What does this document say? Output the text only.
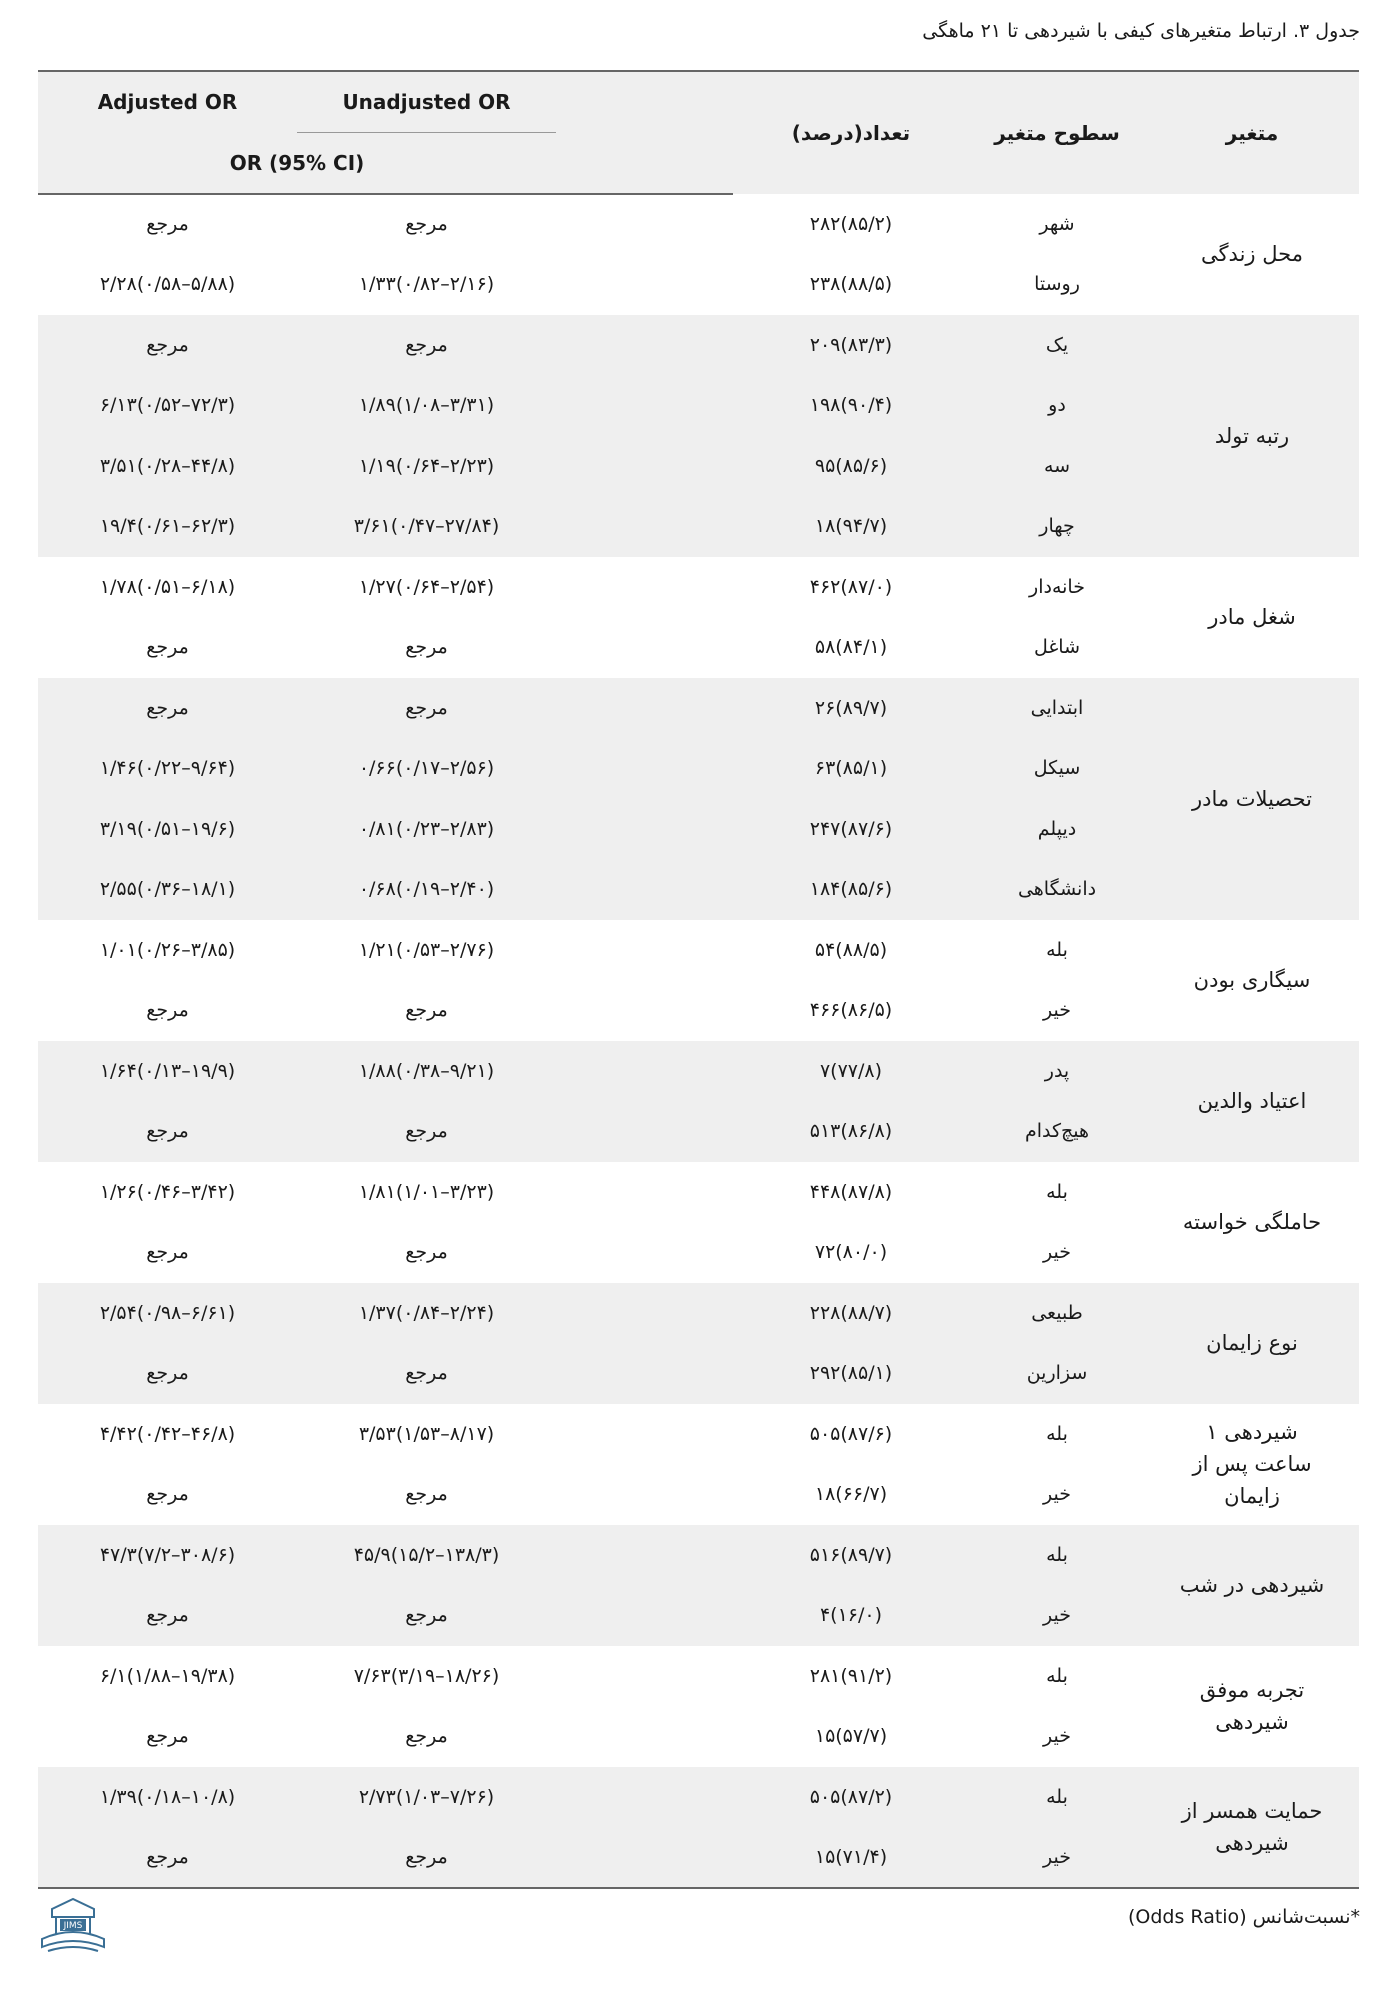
جدول ۳. ارتباط متغیرهای کیفی با شیردهی تا ۲۱ ماهگی
Adjusted OR	Unadjusted OR		تعداد(درصد)	سطوح متغیر	متغیر
OR (95% CI)					
مرجع	مرجع		۲۸۲(۸۵/۲)	شهر	محل زندگی
۲/۲۸(۰/۵۸–۵/۸۸)	۱/۳۳(۰/۸۲–۲/۱۶)		۲۳۸(۸۸/۵)	روستا	
مرجع	مرجع		۲۰۹(۸۳/۳)	یک	رتبه تولد
۶/۱۳(۰/۵۲–۷۲/۳)	۱/۸۹(۱/۰۸–۳/۳۱)		۱۹۸(۹۰/۴)	دو	
۳/۵۱(۰/۲۸–۴۴/۸)	۱/۱۹(۰/۶۴–۲/۲۳)		۹۵(۸۵/۶)	سه	
۱۹/۴(۰/۶۱–۶۲/۳)	۳/۶۱(۰/۴۷–۲۷/۸۴)		۱۸(۹۴/۷)	چهار	
۱/۷۸(۰/۵۱–۶/۱۸)	۱/۲۷(۰/۶۴–۲/۵۴)		۴۶۲(۸۷/۰)	خانه‌دار	شغل مادر
مرجع	مرجع		۵۸(۸۴/۱)	شاغل	
مرجع	مرجع		۲۶(۸۹/۷)	ابتدایی	تحصیلات مادر
۱/۴۶(۰/۲۲–۹/۶۴)	۰/۶۶(۰/۱۷–۲/۵۶)		۶۳(۸۵/۱)	سیکل	
۳/۱۹(۰/۵۱–۱۹/۶)	۰/۸۱(۰/۲۳–۲/۸۳)		۲۴۷(۸۷/۶)	دیپلم	
۲/۵۵(۰/۳۶–۱۸/۱)	۰/۶۸(۰/۱۹–۲/۴۰)		۱۸۴(۸۵/۶)	دانشگاهی	
۱/۰۱(۰/۲۶–۳/۸۵)	۱/۲۱(۰/۵۳–۲/۷۶)		۵۴(۸۸/۵)	بله	سیگاری بودن
مرجع	مرجع		۴۶۶(۸۶/۵)	خیر	
۱/۶۴(۰/۱۳–۱۹/۹)	۱/۸۸(۰/۳۸–۹/۲۱)		۷(۷۷/۸)	پدر	اعتیاد والدین
مرجع	مرجع		۵۱۳(۸۶/۸)	هیچ‌کدام	
۱/۲۶(۰/۴۶–۳/۴۲)	۱/۸۱(۱/۰۱–۳/۲۳)		۴۴۸(۸۷/۸)	بله	حاملگی خواسته
مرجع	مرجع		۷۲(۸۰/۰)	خیر	
۲/۵۴(۰/۹۸–۶/۶۱)	۱/۳۷(۰/۸۴–۲/۲۴)		۲۲۸(۸۸/۷)	طبیعی	نوع زایمان
مرجع	مرجع		۲۹۲(۸۵/۱)	سزارین	
۴/۴۲(۰/۴۲–۴۶/۸)	۳/۵۳(۱/۵۳–۸/۱۷)		۵۰۵(۸۷/۶)	بله	شیردهی ۱ ساعت پس از زایمان
مرجع	مرجع		۱۸(۶۶/۷)	خیر	
۴۷/۳(۷/۲–۳۰۸/۶)	۴۵/۹(۱۵/۲–۱۳۸/۳)		۵۱۶(۸۹/۷)	بله	شیردهی در شب
مرجع	مرجع		۴(۱۶/۰)	خیر	
۶/۱(۱/۸۸–۱۹/۳۸)	۷/۶۳(۳/۱۹–۱۸/۲۶)		۲۸۱(۹۱/۲)	بله	تجربه موفق شیردهی
مرجع	مرجع		۱۵(۵۷/۷)	خیر	
۱/۳۹(۰/۱۸–۱۰/۸)	۲/۷۳(۱/۰۳–۷/۲۶)		۵۰۵(۸۷/۲)	بله	حمایت همسر از شیردهی
مرجع	مرجع		۱۵(۷۱/۴)	خیر	
*نسبت‌شانس (Odds Ratio)
JIMS
